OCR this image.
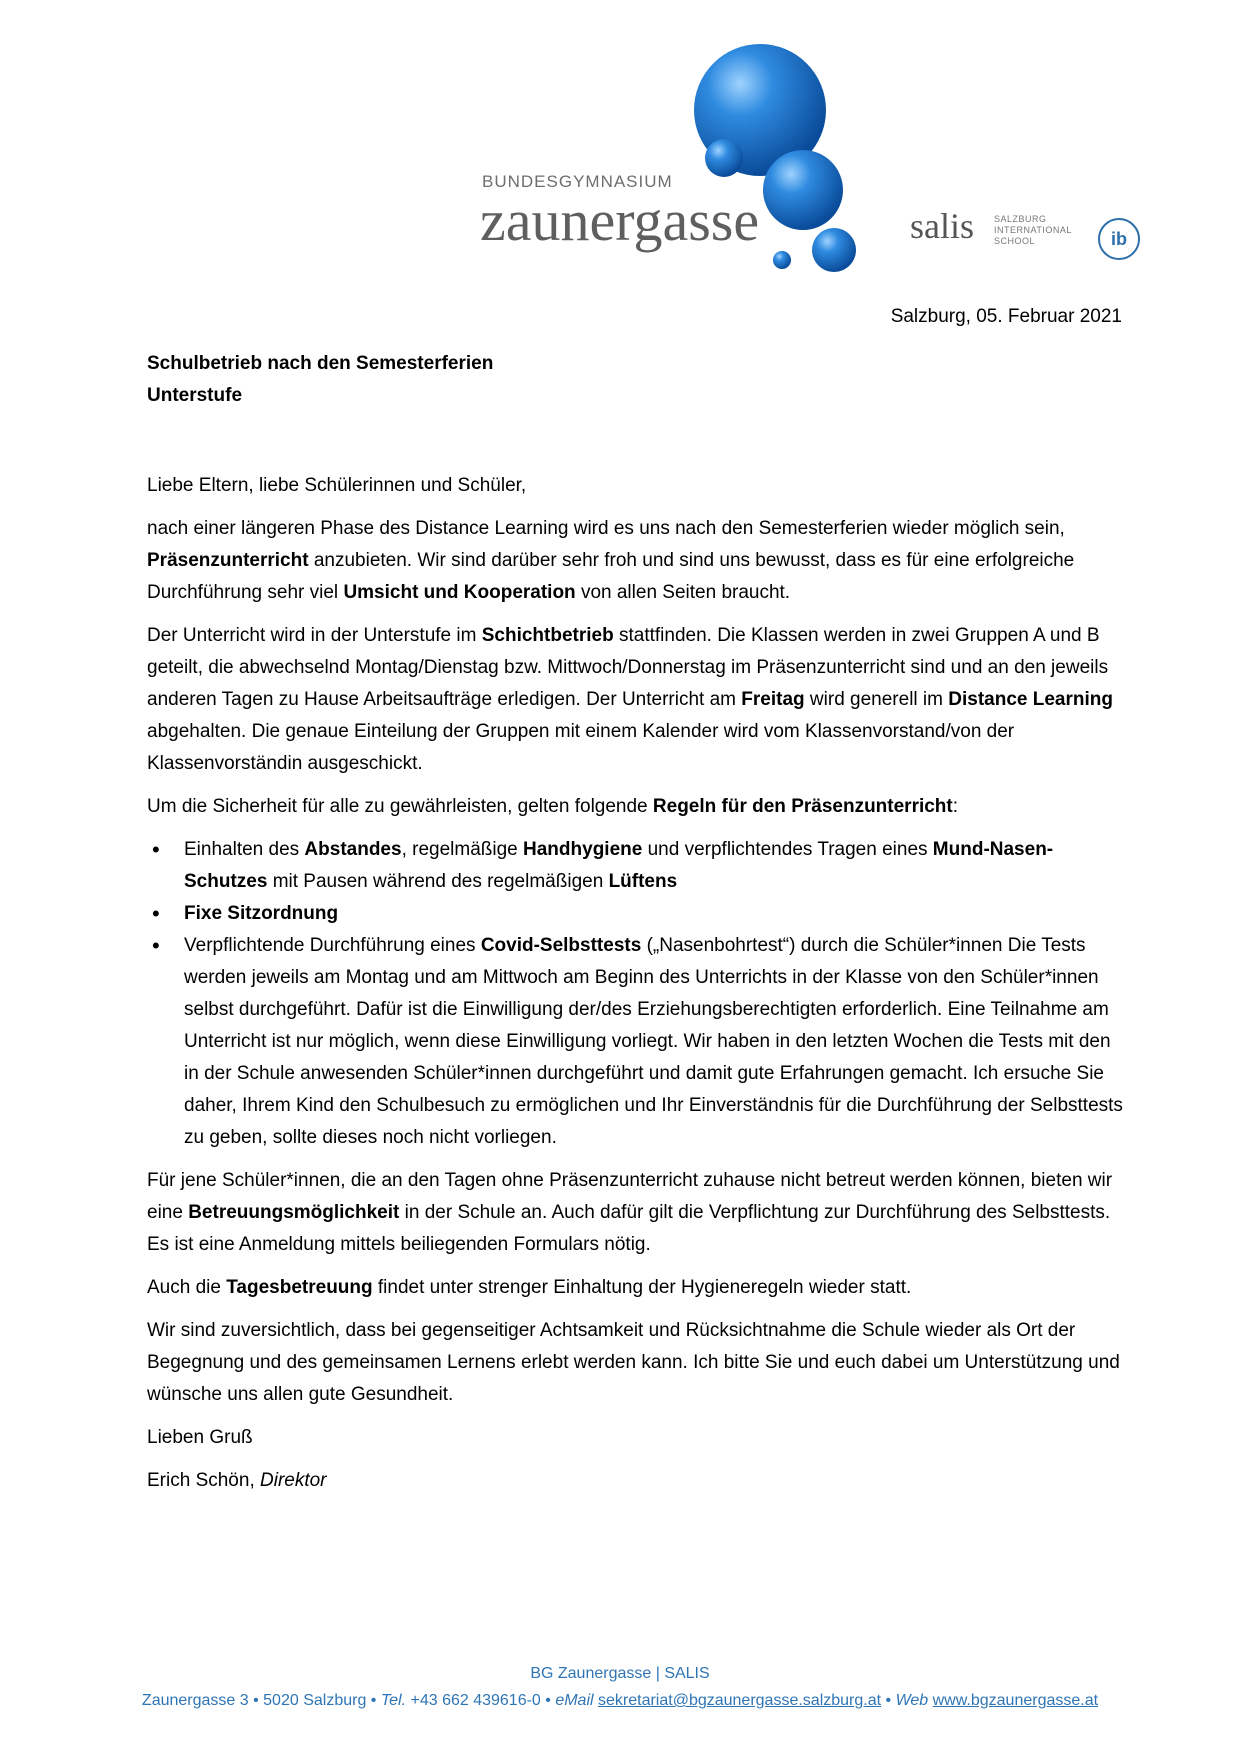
BUNDESGYMNASIUM
zaunergasse	salis SALZBURG
INTERNATIONAL
SCHOOL	ib
Salzburg, 05. Februar 2021

Schulbetrieb nach den Semesterferien

Unterstufe

Liebe Eltern, liebe Schülerinnen und Schüler,

nach einer längeren Phase des Distance Learning wird es uns nach den Semesterferien wieder möglich sein, Präsenzunterricht anzubieten. Wir sind darüber sehr froh und sind uns bewusst, dass es für eine erfolgreiche Durchführung sehr viel Umsicht und Kooperation von allen Seiten braucht.

Der Unterricht wird in der Unterstufe im Schichtbetrieb stattfinden. Die Klassen werden in zwei Gruppen A und B geteilt, die abwechselnd Montag/Dienstag bzw. Mittwoch/Donnerstag im Präsenzunterricht sind und an den jeweils anderen Tagen zu Hause Arbeitsaufträge erledigen. Der Unterricht am Freitag wird generell im Distance Learning abgehalten. Die genaue Einteilung der Gruppen mit einem Kalender wird vom Klassenvorstand/von der Klassenvorständin ausgeschickt.

Um die Sicherheit für alle zu gewährleisten, gelten folgende Regeln für den Präsenzunterricht:

• Einhalten des Abstandes, regelmäßige Handhygiene und verpflichtendes Tragen eines Mund-Nasen-Schutzes mit Pausen während des regelmäßigen Lüftens
• Fixe Sitzordnung
• Verpflichtende Durchführung eines Covid-Selbsttests („Nasenbohrtest“) durch die Schüler*innen Die Tests werden jeweils am Montag und am Mittwoch am Beginn des Unterrichts in der Klasse von den Schüler*innen selbst durchgeführt. Dafür ist die Einwilligung der/des Erziehungsberechtigten erforderlich. Eine Teilnahme am Unterricht ist nur möglich, wenn diese Einwilligung vorliegt. Wir haben in den letzten Wochen die Tests mit den in der Schule anwesenden Schüler*innen durchgeführt und damit gute Erfahrungen gemacht. Ich ersuche Sie daher, Ihrem Kind den Schulbesuch zu ermöglichen und Ihr Einverständnis für die Durchführung der Selbsttests zu geben, sollte dieses noch nicht vorliegen.

Für jene Schüler*innen, die an den Tagen ohne Präsenzunterricht zuhause nicht betreut werden können, bieten wir eine Betreuungsmöglichkeit in der Schule an. Auch dafür gilt die Verpflichtung zur Durchführung des Selbsttests. Es ist eine Anmeldung mittels beiliegenden Formulars nötig.

Auch die Tagesbetreuung findet unter strenger Einhaltung der Hygieneregeln wieder statt.

Wir sind zuversichtlich, dass bei gegenseitiger Achtsamkeit und Rücksichtnahme die Schule wieder als Ort der Begegnung und des gemeinsamen Lernens erlebt werden kann. Ich bitte Sie und euch dabei um Unterstützung und wünsche uns allen gute Gesundheit.

Lieben Gruß

Erich Schön, Direktor

BG Zaunergasse | SALIS
Zaunergasse 3 • 5020 Salzburg • Tel. +43 662 439616-0 • eMail sekretariat@bgzaunergasse.salzburg.at • Web www.bgzaunergasse.at
